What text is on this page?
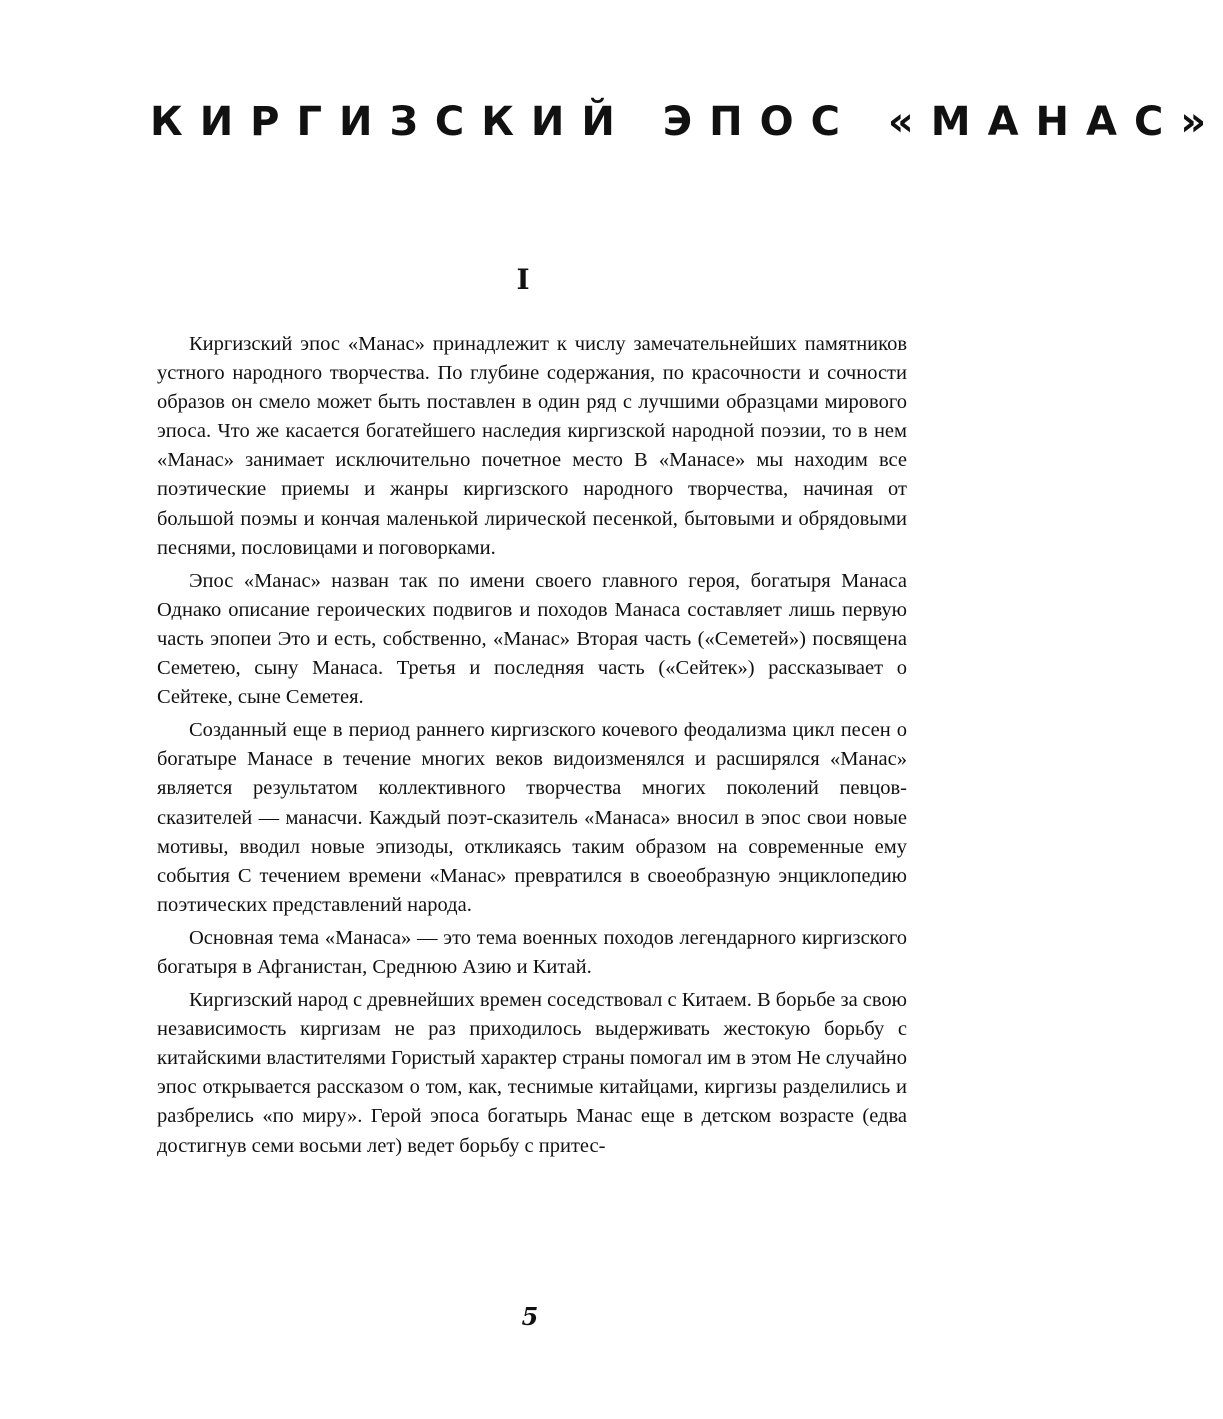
КИРГИЗСКИЙ ЭПОС «МАНАС»
I

Киргизский эпос «Манас» принадлежит к числу замечательнейших памятников устного народного творчества. По глубине содержания, по красочности и сочности образов он смело может быть поставлен в один ряд с лучшими образцами мирового эпоса. Что же касается богатейшего наследия киргизской народной поэзии, то в нем «Манас» занимает исключительно почетное место В «Манасе» мы находим все поэтические приемы и жанры киргизского народного творчества, начиная от большой поэмы и кончая маленькой лирической песенкой, бытовыми и обрядовыми песнями, пословицами и поговорками.

Эпос «Манас» назван так по имени своего главного героя, богатыря Манаса Однако описание героических подвигов и походов Манаса составляет лишь первую часть эпопеи Это и есть, собственно, «Манас» Вторая часть («Семетей») посвящена Семетею, сыну Манаса. Третья и последняя часть («Сейтек») рассказывает о Сейтеке, сыне Семетея.

Созданный еще в период раннего киргизского кочевого феодализма цикл песен о богатыре Манасе в течение многих веков видоизменялся и расширялся «Манас» является результатом коллективного творчества многих поколений певцов-сказителей — манасчи. Каждый поэт-сказитель «Манаса» вносил в эпос свои новые мотивы, вводил новые эпизоды, откликаясь таким образом на современные ему события С течением времени «Манас» превратился в своеобразную энциклопедию поэтических представлений народа.

Основная тема «Манаса» — это тема военных походов легендарного киргизского богатыря в Афганистан, Среднюю Азию и Китай.

Киргизский народ с древнейших времен соседствовал с Китаем. В борьбе за свою независимость киргизам не раз приходилось выдерживать жестокую борьбу с китайскими властителями Гористый характер страны помогал им в этом Не случайно эпос открывается рассказом о том, как, теснимые китайцами, киргизы разделились и разбрелись «по миру». Герой эпоса богатырь Манас еще в детском возрасте (едва достигнув семи восьми лет) ведет борьбу с притес-

5
